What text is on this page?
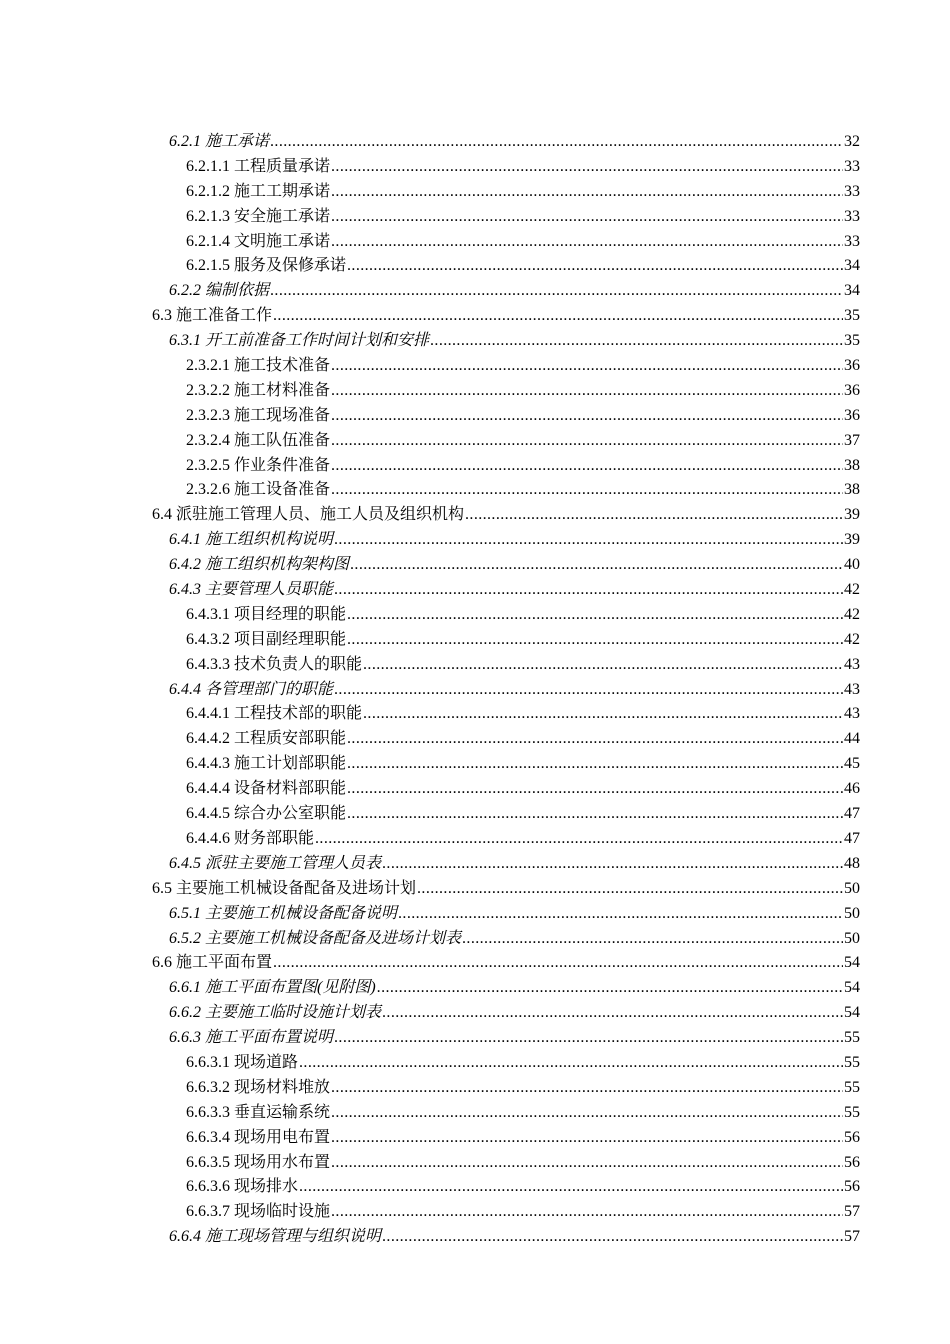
6.2.1 施工承诺 .....	32
6.2.1.1 工程质量承诺 .....	33
6.2.1.2 施工工期承诺 .....	33
6.2.1.3 安全施工承诺 .....	33
6.2.1.4 文明施工承诺 .....	33
6.2.1.5 服务及保修承诺 .....	34
6.2.2 编制依据 .....	34
6.3 施工准备工作 .....	35
6.3.1 开工前准备工作时间计划和安排 .....	35
2.3.2.1 施工技术准备 .....	36
2.3.2.2 施工材料准备 .....	36
2.3.2.3 施工现场准备 .....	36
2.3.2.4 施工队伍准备 .....	37
2.3.2.5 作业条件准备 .....	38
2.3.2.6 施工设备准备 .....	38
6.4 派驻施工管理人员、施工人员及组织机构 .....	39
6.4.1 施工组织机构说明 .....	39
6.4.2 施工组织机构架构图 .....	40
6.4.3 主要管理人员职能 .....	42
6.4.3.1 项目经理的职能 .....	42
6.4.3.2 项目副经理职能 .....	42
6.4.3.3 技术负责人的职能 .....	43
6.4.4 各管理部门的职能 .....	43
6.4.4.1 工程技术部的职能 .....	43
6.4.4.2 工程质安部职能 .....	44
6.4.4.3 施工计划部职能 .....	45
6.4.4.4 设备材料部职能 .....	46
6.4.4.5 综合办公室职能 .....	47
6.4.4.6 财务部职能 .....	47
6.4.5 派驻主要施工管理人员表 .....	48
6.5 主要施工机械设备配备及进场计划 .....	50
6.5.1 主要施工机械设备配备说明 .....	50
6.5.2 主要施工机械设备配备及进场计划表 .....	50
6.6 施工平面布置 .....	54
6.6.1 施工平面布置图(见附图) .....	54
6.6.2 主要施工临时设施计划表 .....	54
6.6.3 施工平面布置说明 .....	55
6.6.3.1 现场道路 .....	55
6.6.3.2 现场材料堆放 .....	55
6.6.3.3 垂直运输系统 .....	55
6.6.3.4 现场用电布置 .....	56
6.6.3.5 现场用水布置 .....	56
6.6.3.6 现场排水 .....	56
6.6.3.7 现场临时设施 .....	57
6.6.4 施工现场管理与组织说明 .....	57
